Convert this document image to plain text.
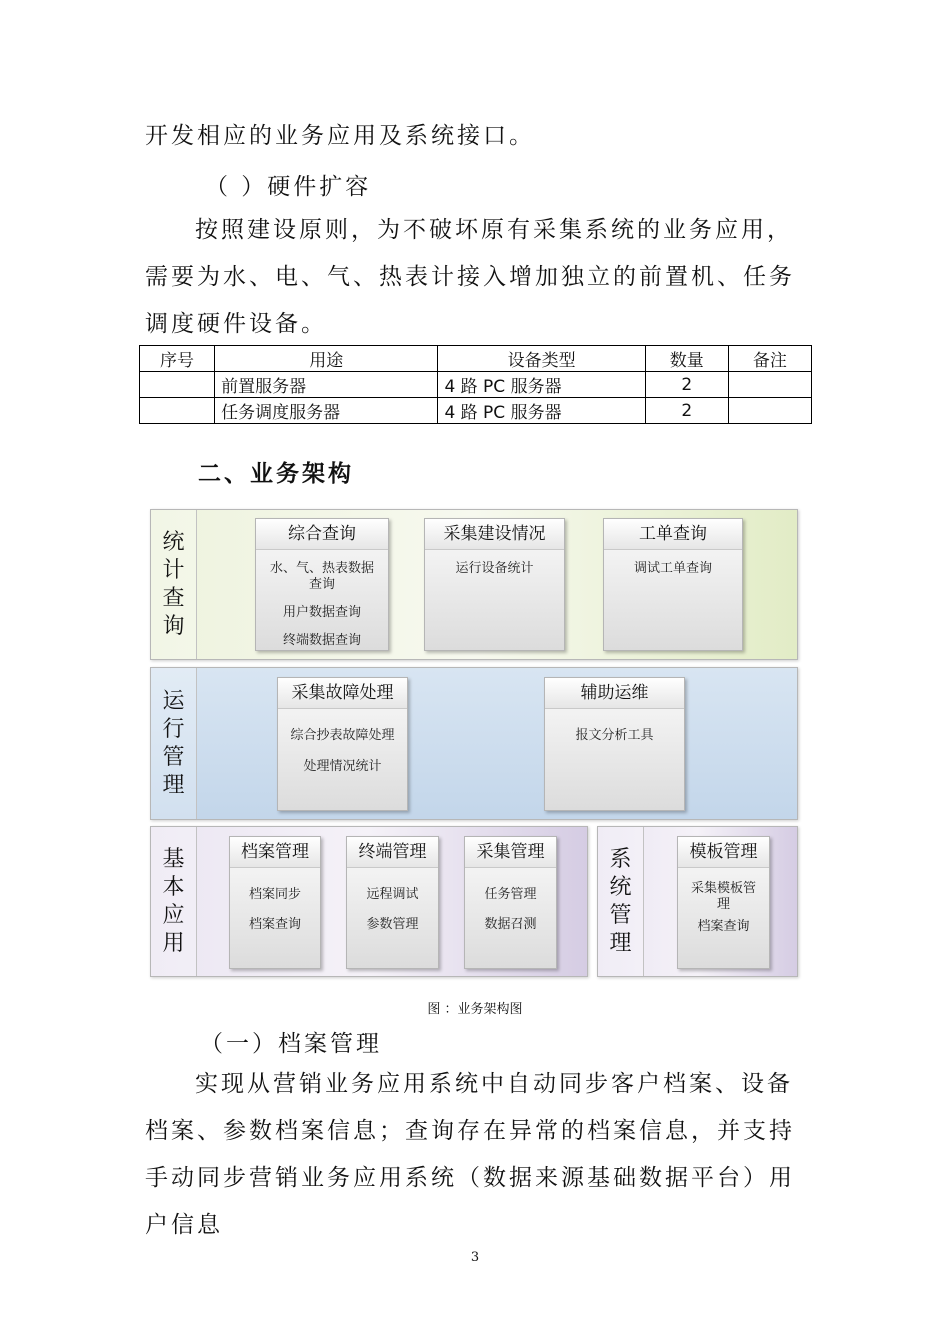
开发相应的业务应用及系统接口。

（ ）硬件扩容

按照建设原则，为不破坏原有采集系统的业务应用，需要为水、电、气、热表计接入增加独立的前置机、任务调度硬件设备。

序号	用途	设备类型	数量	备注
	前置服务器	4 路 PC 服务器	2	
	任务调度服务器	4 路 PC 服务器	2	
二、业务架构
统计查询
综合查询
水、气、热表数据查询
用户数据查询
终端数据查询
采集建设情况
运行设备统计
工单查询
调试工单查询
运行管理
采集故障处理
综合抄表故障处理
处理情况统计
辅助运维
报文分析工具
基本应用
档案管理
档案同步
档案查询
终端管理
远程调试
参数管理
采集管理
任务管理
数据召测
系统管理
模板管理
采集模板管理
档案查询
图 ：业务架构图
（一）档案管理

实现从营销业务应用系统中自动同步客户档案、设备档案、参数档案信息；查询存在异常的档案信息，并支持手动同步营销业务应用系统（数据来源基础数据平台）用户信息

3
